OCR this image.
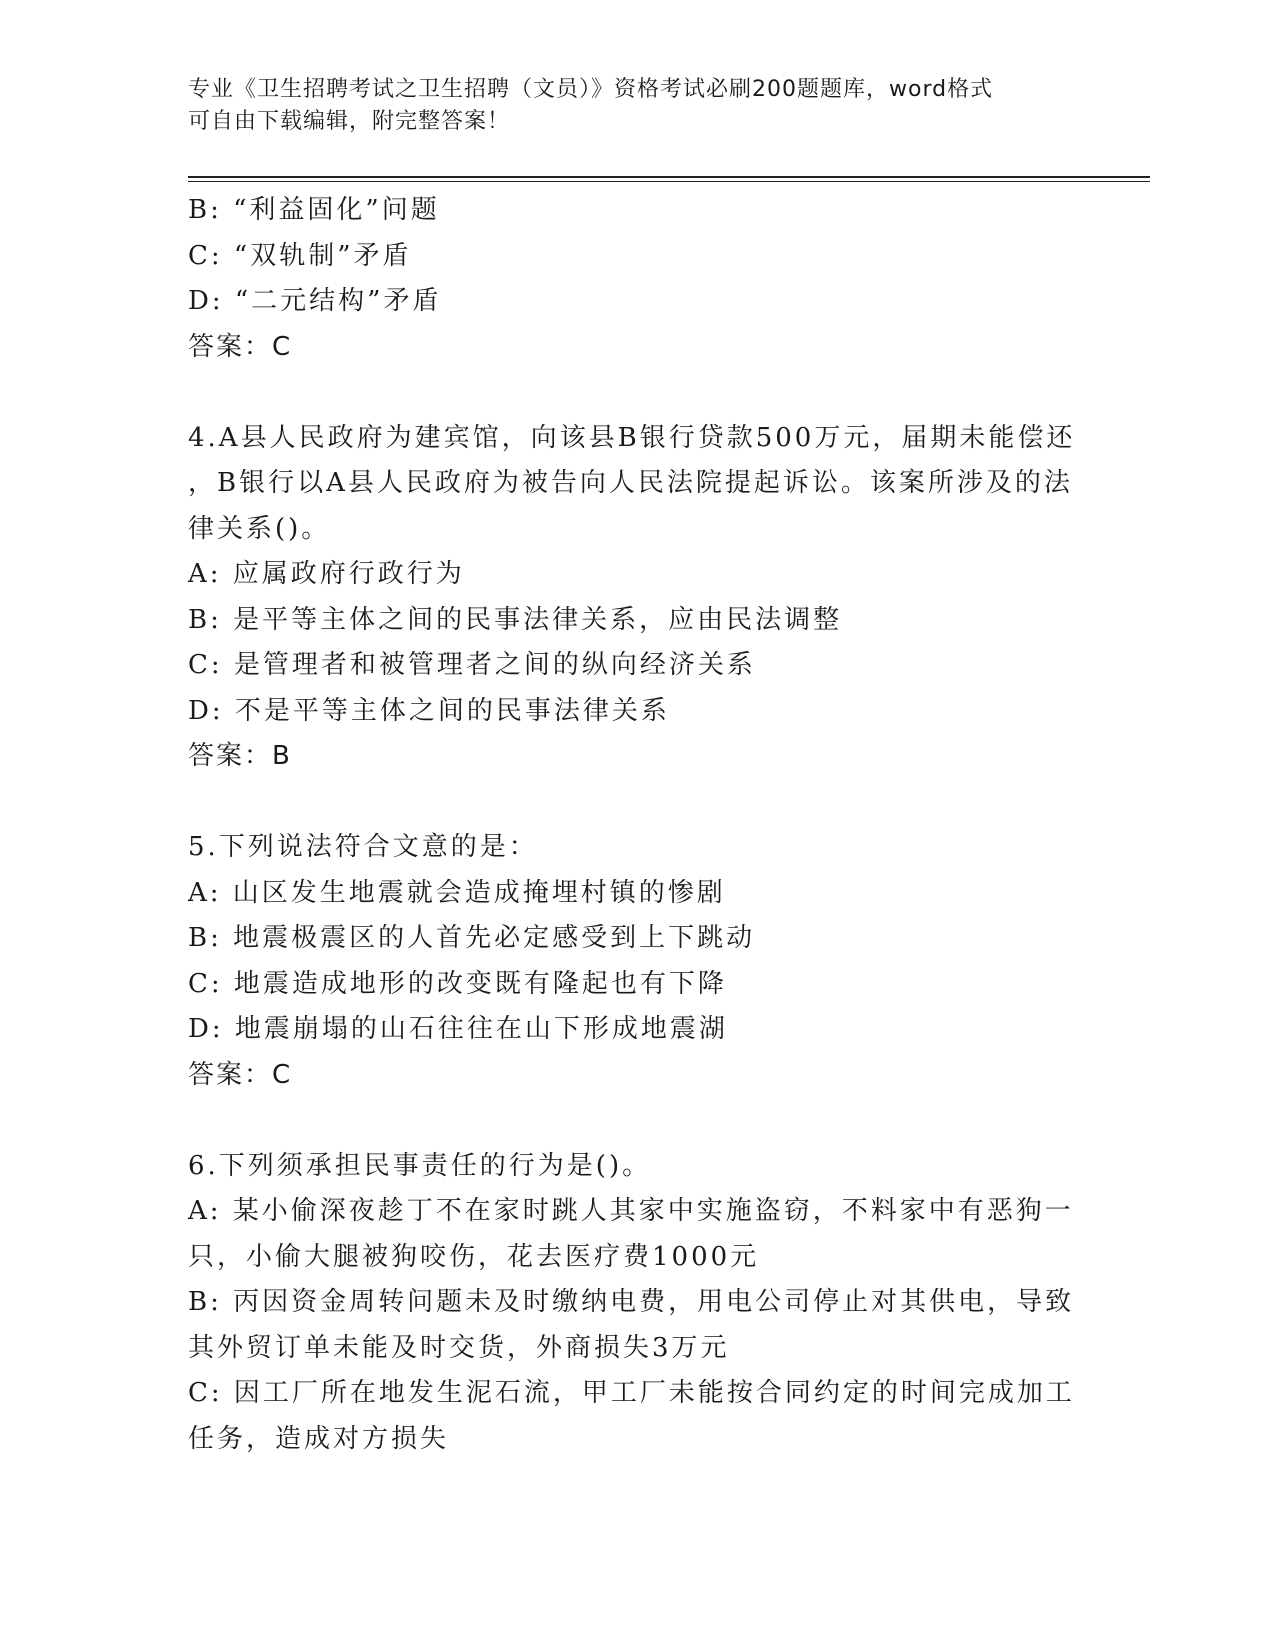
专业《卫生招聘考试之卫生招聘（文员）》资格考试必刷200题题库，word格式
可自由下载编辑，附完整答案！
B: “利益固化”问题
C: “双轨制”矛盾
D: “二元结构”矛盾
答案：C
4.A县人民政府为建宾馆，向该县B银行贷款500万元，届期未能偿还
，B银行以A县人民政府为被告向人民法院提起诉讼。该案所涉及的法
律关系()。
A: 应属政府行政行为
B: 是平等主体之间的民事法律关系，应由民法调整
C: 是管理者和被管理者之间的纵向经济关系
D: 不是平等主体之间的民事法律关系
答案：B
5.下列说法符合文意的是：
A: 山区发生地震就会造成掩埋村镇的惨剧
B: 地震极震区的人首先必定感受到上下跳动
C: 地震造成地形的改变既有隆起也有下降
D: 地震崩塌的山石往往在山下形成地震湖
答案：C
6.下列须承担民事责任的行为是()。
A: 某小偷深夜趁丁不在家时跳人其家中实施盗窃，不料家中有恶狗一
只，小偷大腿被狗咬伤，花去医疗费1000元
B: 丙因资金周转问题未及时缴纳电费，用电公司停止对其供电，导致
其外贸订单未能及时交货，外商损失3万元
C: 因工厂所在地发生泥石流，甲工厂未能按合同约定的时间完成加工
任务，造成对方损失
